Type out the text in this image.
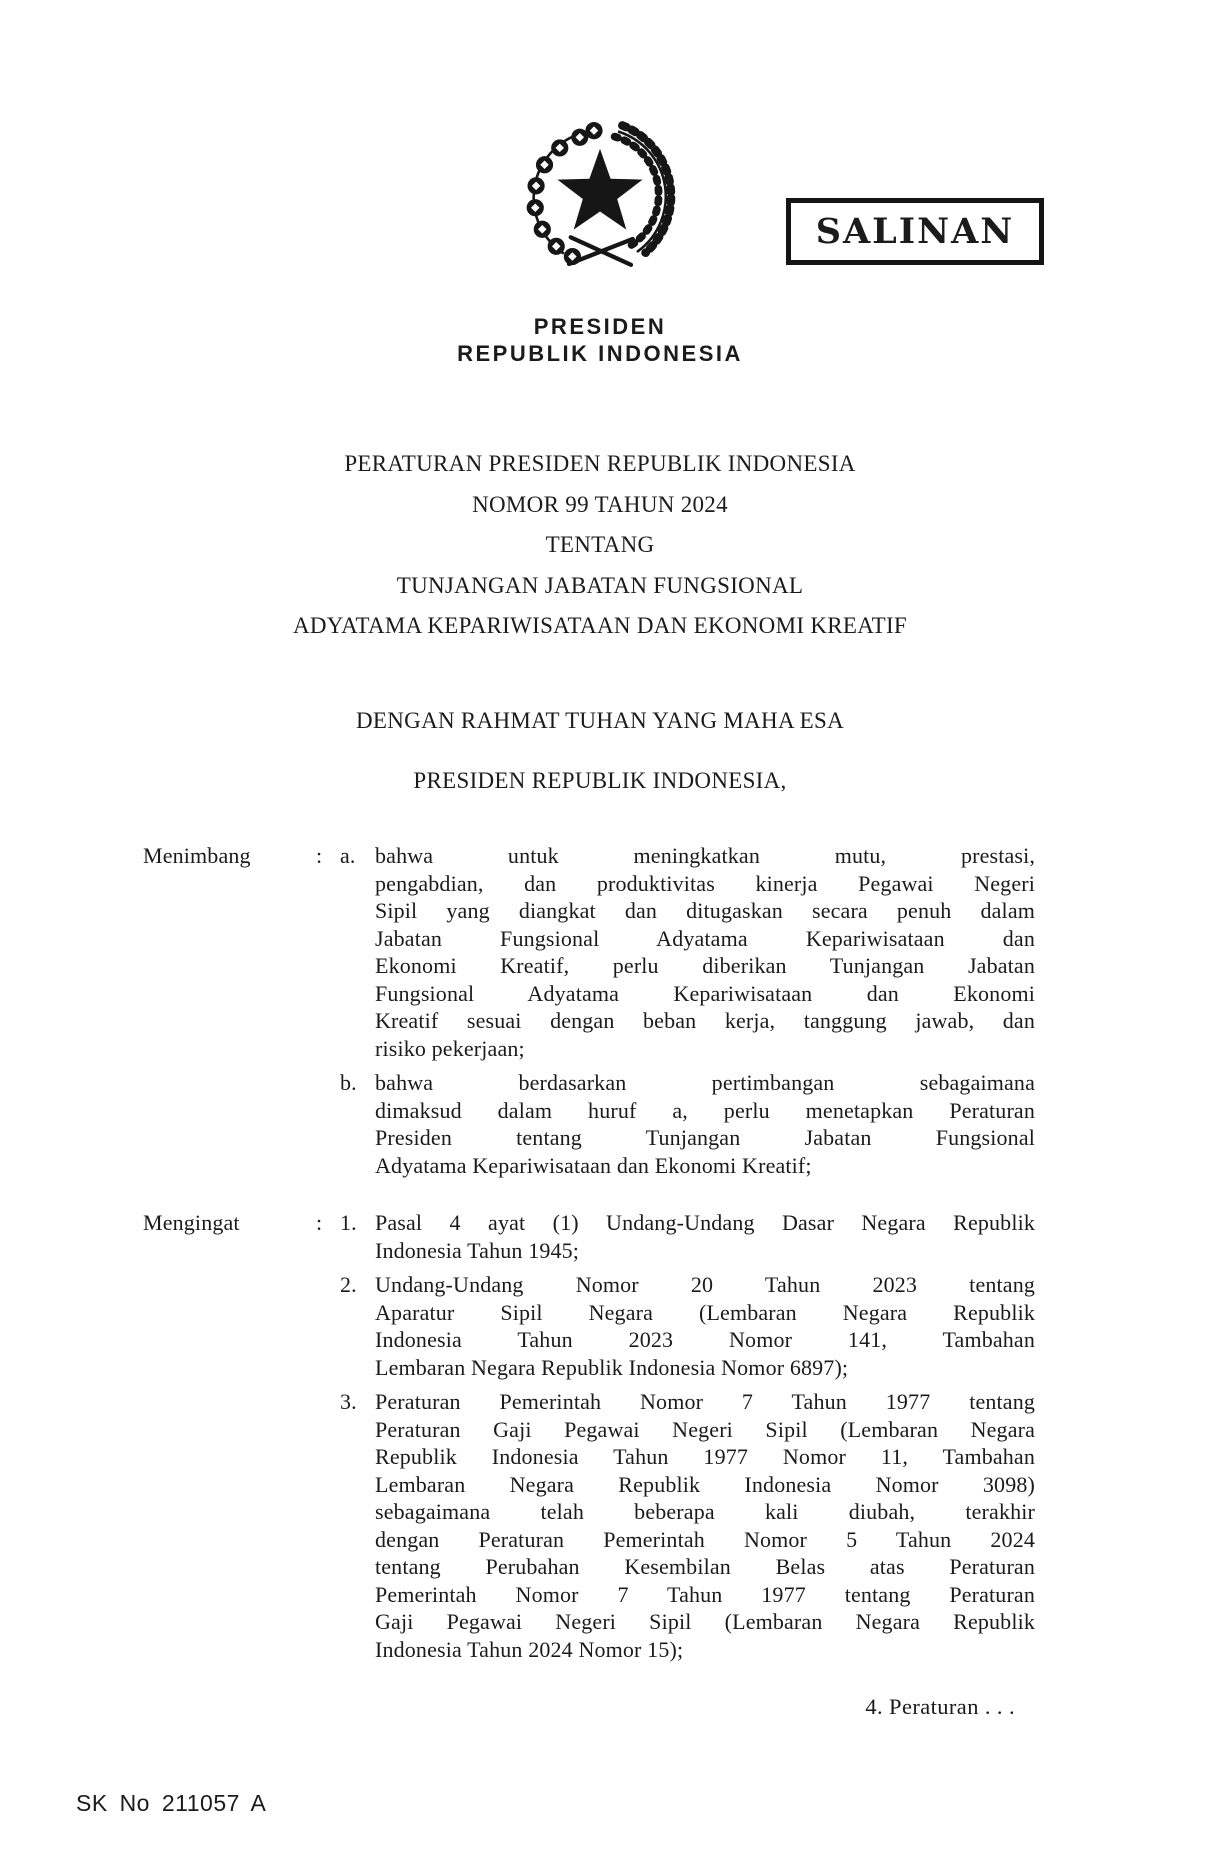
SALINAN
PRESIDEN
REPUBLIK INDONESIA
PERATURAN PRESIDEN REPUBLIK INDONESIA
NOMOR 99 TAHUN 2024
TENTANG
TUNJANGAN JABATAN FUNGSIONAL
ADYATAMA KEPARIWISATAAN DAN EKONOMI KREATIF
DENGAN RAHMAT TUHAN YANG MAHA ESA
PRESIDEN REPUBLIK INDONESIA,
Menimbang	: a. bahwa untuk meningkatkan mutu, prestasi,
pengabdian, dan produktivitas kinerja Pegawai Negeri
Sipil yang diangkat dan ditugaskan secara penuh dalam
Jabatan Fungsional Adyatama Kepariwisataan dan
Ekonomi Kreatif, perlu diberikan Tunjangan Jabatan
Fungsional Adyatama Kepariwisataan dan Ekonomi
Kreatif sesuai dengan beban kerja, tanggung jawab, dan
risiko pekerjaan;
b. bahwa berdasarkan pertimbangan sebagaimana
dimaksud dalam huruf a, perlu menetapkan Peraturan
Presiden tentang Tunjangan Jabatan Fungsional
Adyatama Kepariwisataan dan Ekonomi Kreatif;
Mengingat	: 1. Pasal 4 ayat (1) Undang-Undang Dasar Negara Republik
Indonesia Tahun 1945;
2. Undang-Undang Nomor 20 Tahun 2023 tentang
Aparatur Sipil Negara (Lembaran Negara Republik
Indonesia Tahun 2023 Nomor 141, Tambahan
Lembaran Negara Republik Indonesia Nomor 6897);
3. Peraturan Pemerintah Nomor 7 Tahun 1977 tentang
Peraturan Gaji Pegawai Negeri Sipil (Lembaran Negara
Republik Indonesia Tahun 1977 Nomor 11, Tambahan
Lembaran Negara Republik Indonesia Nomor 3098)
sebagaimana telah beberapa kali diubah, terakhir
dengan Peraturan Pemerintah Nomor 5 Tahun 2024
tentang Perubahan Kesembilan Belas atas Peraturan
Pemerintah Nomor 7 Tahun 1977 tentang Peraturan
Gaji Pegawai Negeri Sipil (Lembaran Negara Republik
Indonesia Tahun 2024 Nomor 15);
4. Peraturan . . .
SK No 211057 A
